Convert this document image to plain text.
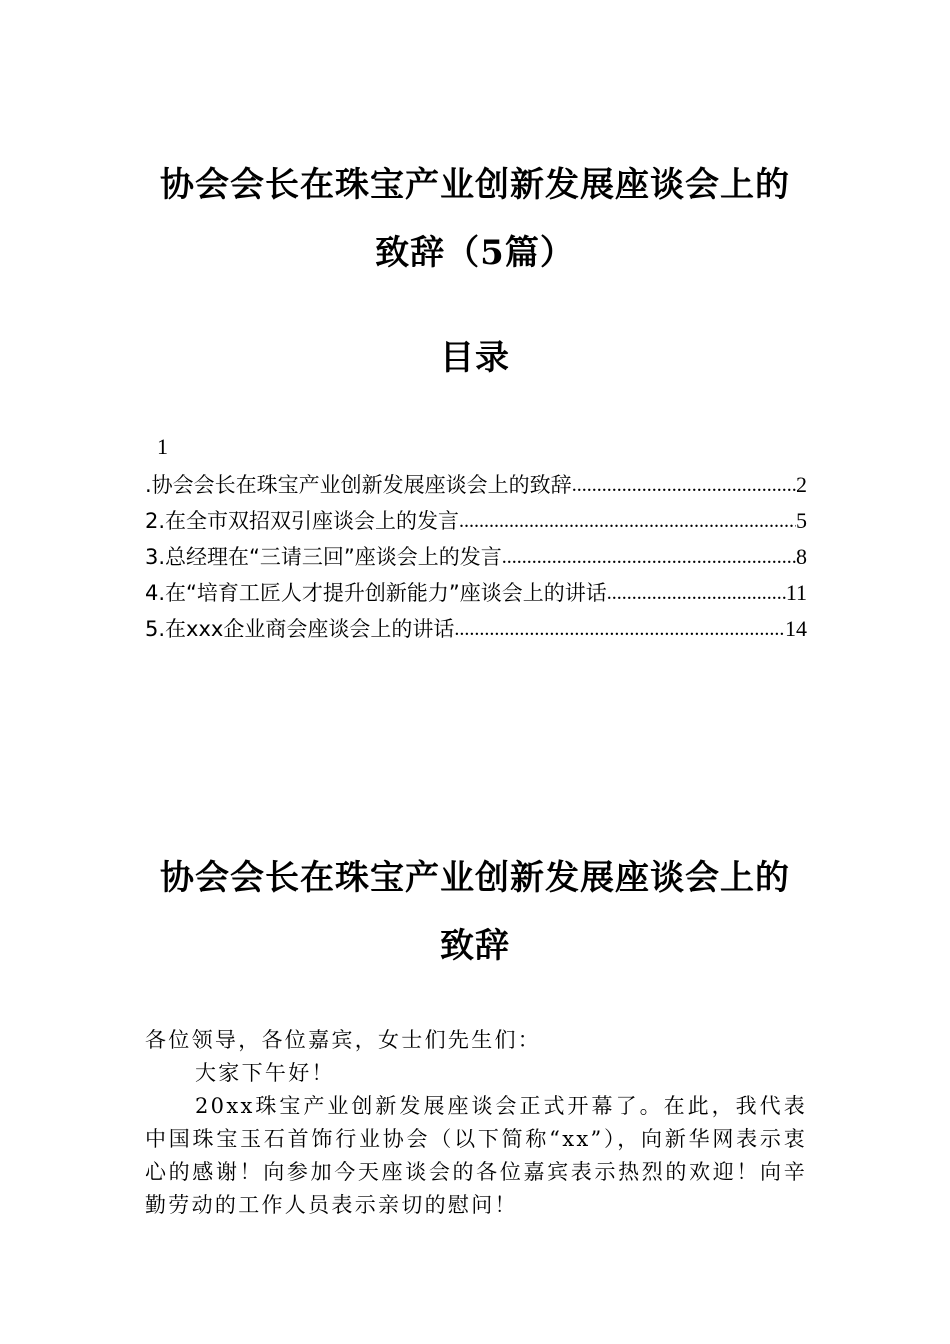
协会会长在珠宝产业创新发展座谈会上的
致辞（5篇）
目录
1
.协会会长在珠宝产业创新发展座谈会上的致辞 .....	2
2.在全市双招双引座谈会上的发言 .....	5
3.总经理在“三请三回”座谈会上的发言 .....	8
4.在“培育工匠人才提升创新能力”座谈会上的讲话 .....	11
5.在xxx企业商会座谈会上的讲话 .....	14
协会会长在珠宝产业创新发展座谈会上的
致辞

各位领导，各位嘉宾，女士们先生们：

大家下午好！

20xx珠宝产业创新发展座谈会正式开幕了。在此，我代表中国珠宝玉石首饰行业协会（以下简称“xx”），向新华网表示衷心的感谢！向参加今天座谈会的各位嘉宾表示热烈的欢迎！向辛勤劳动的工作人员表示亲切的慰问！
